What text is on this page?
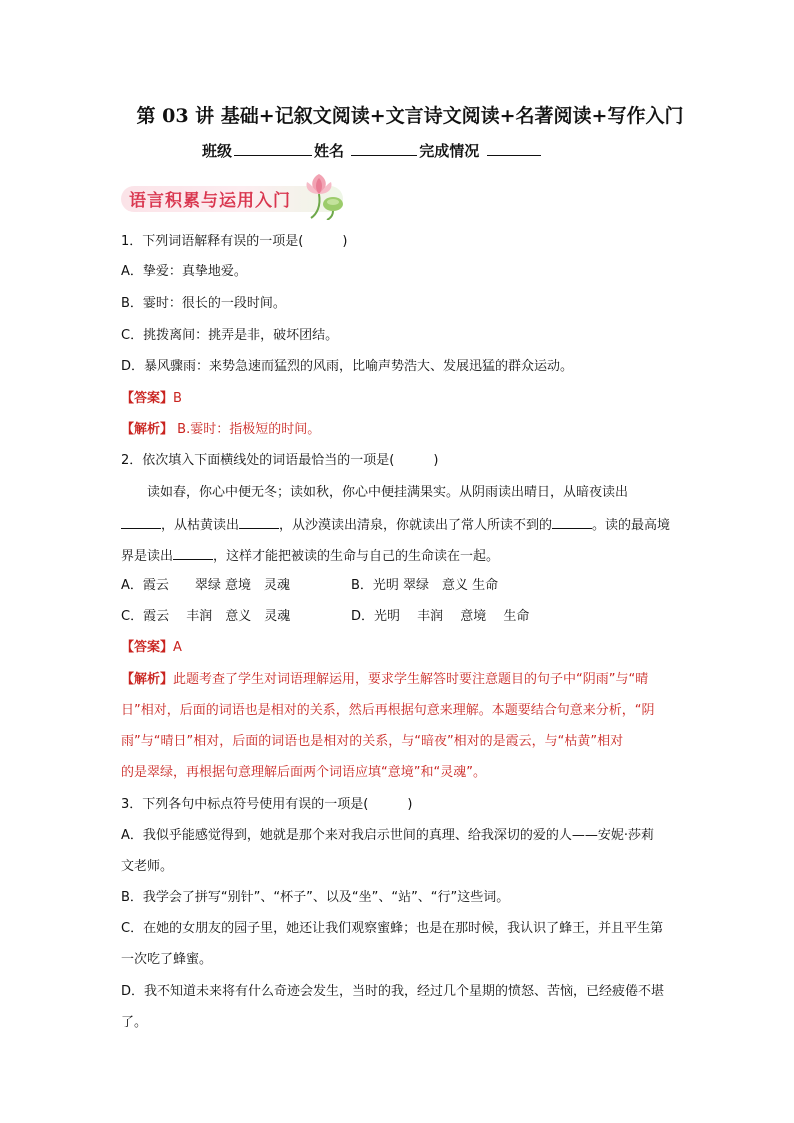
第 03 讲 基础+记叙文阅读+文言诗文阅读+名著阅读+写作入门
班级	姓名	完成情况
语言积累与运用入门
1．下列词语解释有误的一项是(　　　)
A．挚爱：真挚地爱。
B．霎时：很长的一段时间。
C．挑拨离间：挑弄是非，破坏团结。
D．暴风骤雨：来势急速而猛烈的风雨，比喻声势浩大、发展迅猛的群众运动。
【答案】B
【解析】 B.霎时：指极短的时间。
2．依次填入下面横线处的词语最恰当的一项是(　　　)
读如春，你心中便无冬；读如秋，你心中便挂满果实。从阴雨读出晴日，从暗夜读出
，从枯黄读出	，从沙漠读出清泉，你就读出了常人所读不到的	。读的最高境
界是读出	，这样才能把被读的生命与自己的生命读在一起。
A．霞云　　翠绿 意境　灵魂	B．光明 翠绿　意义 生命
C．霞云　 丰润　意义　灵魂	D．光明　 丰润　 意境　 生命
【答案】A
【解析】此题考查了学生对词语理解运用，要求学生解答时要注意题目的句子中“阴雨”与“晴
日”相对，后面的词语也是相对的关系，然后再根据句意来理解。本题要结合句意来分析，“阴
雨”与“晴日”相对，后面的词语也是相对的关系，与“暗夜”相对的是霞云，与“枯黄”相对
的是翠绿，再根据句意理解后面两个词语应填“意境”和“灵魂”。
3．下列各句中标点符号使用有误的一项是(　　　)
A．我似乎能感觉得到，她就是那个来对我启示世间的真理、给我深切的爱的人——安妮·莎莉
文老师。
B．我学会了拼写“别针”、“杯子”、以及“坐”、“站”、“行”这些词。
C．在她的女朋友的园子里，她还让我们观察蜜蜂；也是在那时候，我认识了蜂王，并且平生第
一次吃了蜂蜜。
D．我不知道未来将有什么奇迹会发生，当时的我，经过几个星期的愤怒、苦恼，已经疲倦不堪
了。
